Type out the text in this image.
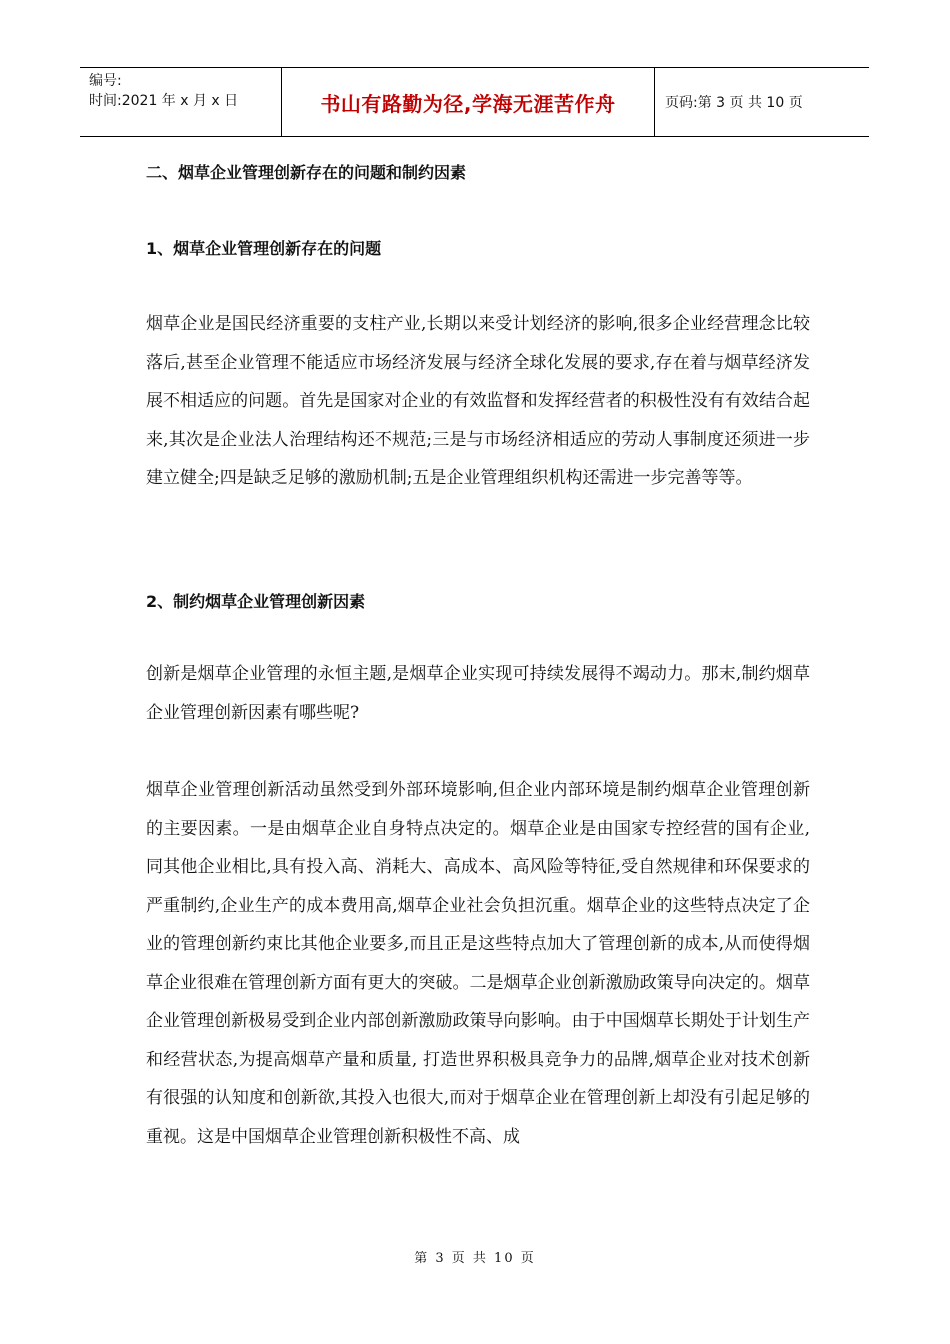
编号:
时间:2021 年 x 月 x 日	书山有路勤为径,学海无涯苦作舟	页码:第 3 页 共 10 页
二、烟草企业管理创新存在的问题和制约因素
1、烟草企业管理创新存在的问题
烟草企业是国民经济重要的支柱产业,长期以来受计划经济的影响,很多企业经营理念比较落后,甚至企业管理不能适应市场经济发展与经济全球化发展的要求,存在着与烟草经济发展不相适应的问题。首先是国家对企业的有效监督和发挥经营者的积极性没有有效结合起来,其次是企业法人治理结构还不规范;三是与市场经济相适应的劳动人事制度还须进一步建立健全;四是缺乏足够的激励机制;五是企业管理组织机构还需进一步完善等等。
2、制约烟草企业管理创新因素
创新是烟草企业管理的永恒主题,是烟草企业实现可持续发展得不竭动力。那末,制约烟草企业管理创新因素有哪些呢?
烟草企业管理创新活动虽然受到外部环境影响,但企业内部环境是制约烟草企业管理创新的主要因素。一是由烟草企业自身特点决定的。烟草企业是由国家专控经营的国有企业,同其他企业相比,具有投入高、消耗大、高成本、高风险等特征,受自然规律和环保要求的严重制约,企业生产的成本费用高,烟草企业社会负担沉重。烟草企业的这些特点决定了企业的管理创新约束比其他企业要多,而且正是这些特点加大了管理创新的成本,从而使得烟草企业很难在管理创新方面有更大的突破。二是烟草企业创新激励政策导向决定的。烟草企业管理创新极易受到企业内部创新激励政策导向影响。由于中国烟草长期处于计划生产和经营状态,为提高烟草产量和质量, 打造世界积极具竞争力的品牌,烟草企业对技术创新有很强的认知度和创新欲,其投入也很大,而对于烟草企业在管理创新上却没有引起足够的重视。这是中国烟草企业管理创新积极性不高、成
第 3 页 共 10 页
